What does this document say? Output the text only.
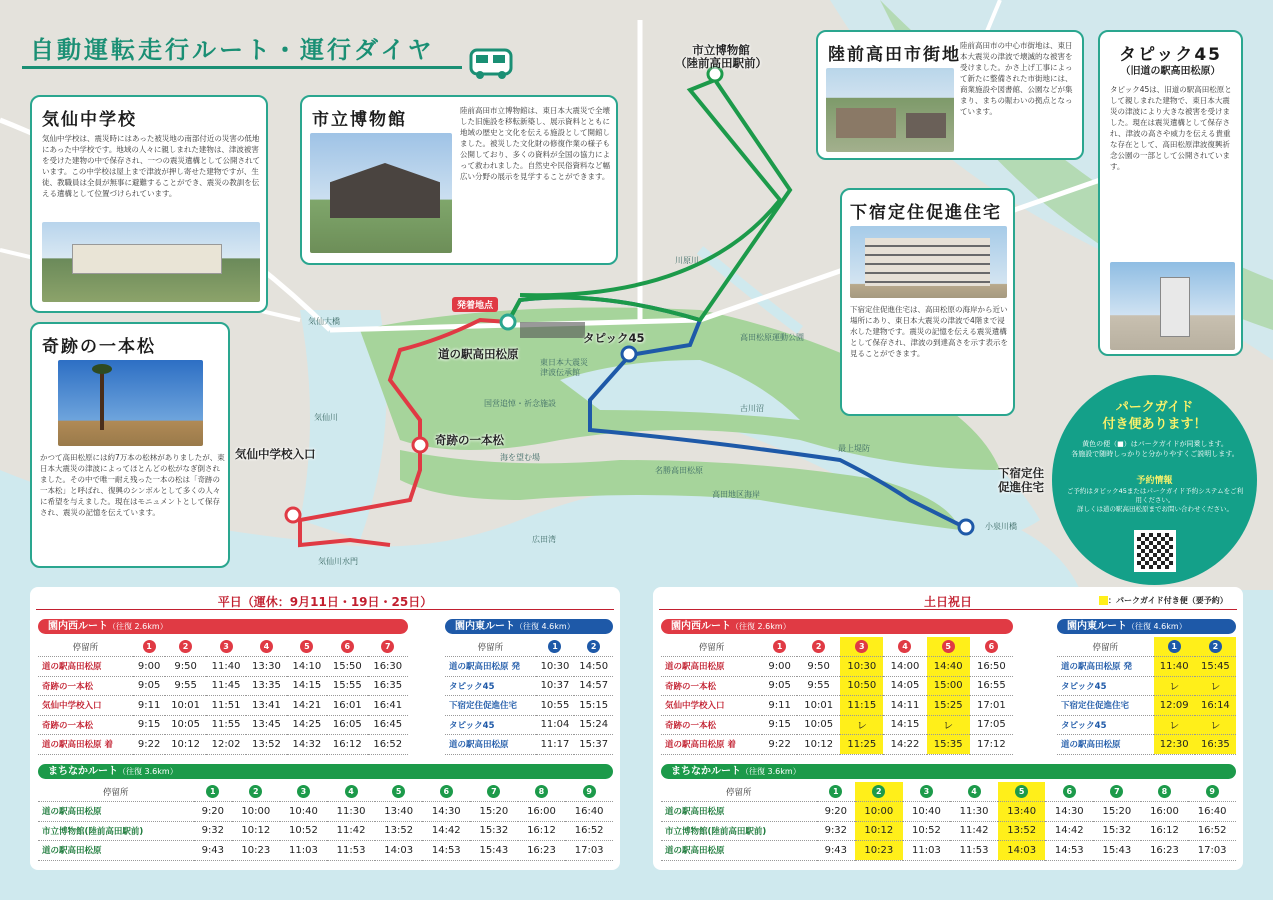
自動運転走行ルート・運行ダイヤ
気仙中学校
気仙中学校は、震災時にはあった被災地の南部付近の災害の低地にあった中学校です。地域の人々に親しまれた建物は、津波被害を受けた建物の中で保存され、一つの震災遺構として公開されています。この中学校は屋上まで津波が押し寄せた建物ですが、生徒、教職員は全員が無事に避難することができ、震災の教訓を伝える遺構として位置づけられています。
市立博物館	陸前高田市立博物館は、東日本大震災で全壊した旧施設を移転新築し、展示資料とともに地域の歴史と文化を伝える施設として開館しました。被災した文化財の修復作業の様子も公開しており、多くの資料が全国の協力によって救われました。自然史や民俗資料など幅広い分野の展示を見学することができます。
陸前高田市街地 陸前高田市の中心市街地は、東日本大震災の津波で壊滅的な被害を受けました。かさ上げ工事によって新たに整備された市街地には、商業施設や図書館、公園などが集まり、まちの賑わいの拠点となっています。
タピック45
（旧道の駅高田松原）
タピック45は、旧道の駅高田松原として親しまれた建物で、東日本大震災の津波により大きな被害を受けました。現在は震災遺構として保存され、津波の高さや威力を伝える貴重な存在として、高田松原津波復興祈念公園の一部として公開されています。
下宿定住促進住宅
下宿定住促進住宅は、高田松原の海岸から近い場所にあり、東日本大震災の津波で4階まで浸水した建物です。震災の記憶を伝える震災遺構として保存され、津波の到達高さを示す表示を見ることができます。
奇跡の一本松
かつて高田松原には約7万本の松林がありましたが、東日本大震災の津波によってほとんどの松がなぎ倒されました。その中で唯一耐え残った一本の松は「奇跡の一本松」と呼ばれ、復興のシンボルとして多くの人々に希望を与えました。現在はモニュメントとして保存され、震災の記憶を伝えています。
市立博物館
（陸前高田駅前）
発着地点
道の駅高田松原
タピック45
奇跡の一本松
気仙中学校入口
下宿定住
促進住宅
気仙大橋
気仙川
川原川
高田松原運動公園
東日本大震災
津波伝承館
国営追悼・祈念施設
海を望む場
古川沼
名勝高田松原
高田地区海岸
広田湾
気仙川水門
最上堤防
小泉川橋
パークガイド
付き便あります！
黄色の便（■）はパークガイドが同乗します。
各施設で随時しっかりと分かりやすくご説明します。
予約情報
ご予約はタピック45またはパークガイド予約システムをご利用ください。
詳しくは道の駅高田松原までお問い合わせください。
平日（運休：9月11日・19日・25日）
園内西ルート（往復 2.6km）
停留所	1	2	3	4	5	6	7
道の駅高田松原	9:00	9:50	11:40	13:30	14:10	15:50	16:30
奇跡の一本松	9:05	9:55	11:45	13:35	14:15	15:55	16:35
気仙中学校入口	9:11	10:01	11:51	13:41	14:21	16:01	16:41
奇跡の一本松	9:15	10:05	11:55	13:45	14:25	16:05	16:45
道の駅高田松原 着	9:22	10:12	12:02	13:52	14:32	16:12	16:52
園内東ルート（往復 4.6km）
停留所	1	2
道の駅高田松原 発	10:30	14:50
タピック45	10:37	14:57
下宿定住促進住宅	10:55	15:15
タピック45	11:04	15:24
道の駅高田松原	11:17	15:37
まちなかルート（往復 3.6km）
停留所	1	2	3	4	5	6	7	8	9
道の駅高田松原	9:20	10:00	10:40	11:30	13:40	14:30	15:20	16:00	16:40
市立博物館(陸前高田駅前)	9:32	10:12	10:52	11:42	13:52	14:42	15:32	16:12	16:52
道の駅高田松原	9:43	10:23	11:03	11:53	14:03	14:53	15:43	16:23	17:03
土日祝日	：パークガイド付き便（要予約）
園内西ルート（往復 2.6km）
停留所	1	2	3	4	5	6
道の駅高田松原	9:00	9:50	10:30	14:00	14:40	16:50
奇跡の一本松	9:05	9:55	10:50	14:05	15:00	16:55
気仙中学校入口	9:11	10:01	11:15	14:11	15:25	17:01
奇跡の一本松	9:15	10:05	レ	14:15	レ	17:05
道の駅高田松原 着	9:22	10:12	11:25	14:22	15:35	17:12
園内東ルート（往復 4.6km）
停留所	1	2
道の駅高田松原 発	11:40	15:45
タピック45	レ	レ
下宿定住促進住宅	12:09	16:14
タピック45	レ	レ
道の駅高田松原	12:30	16:35
まちなかルート（往復 3.6km）
停留所	1	2	3	4	5	6	7	8	9
道の駅高田松原	9:20	10:00	10:40	11:30	13:40	14:30	15:20	16:00	16:40
市立博物館(陸前高田駅前)	9:32	10:12	10:52	11:42	13:52	14:42	15:32	16:12	16:52
道の駅高田松原	9:43	10:23	11:03	11:53	14:03	14:53	15:43	16:23	17:03
